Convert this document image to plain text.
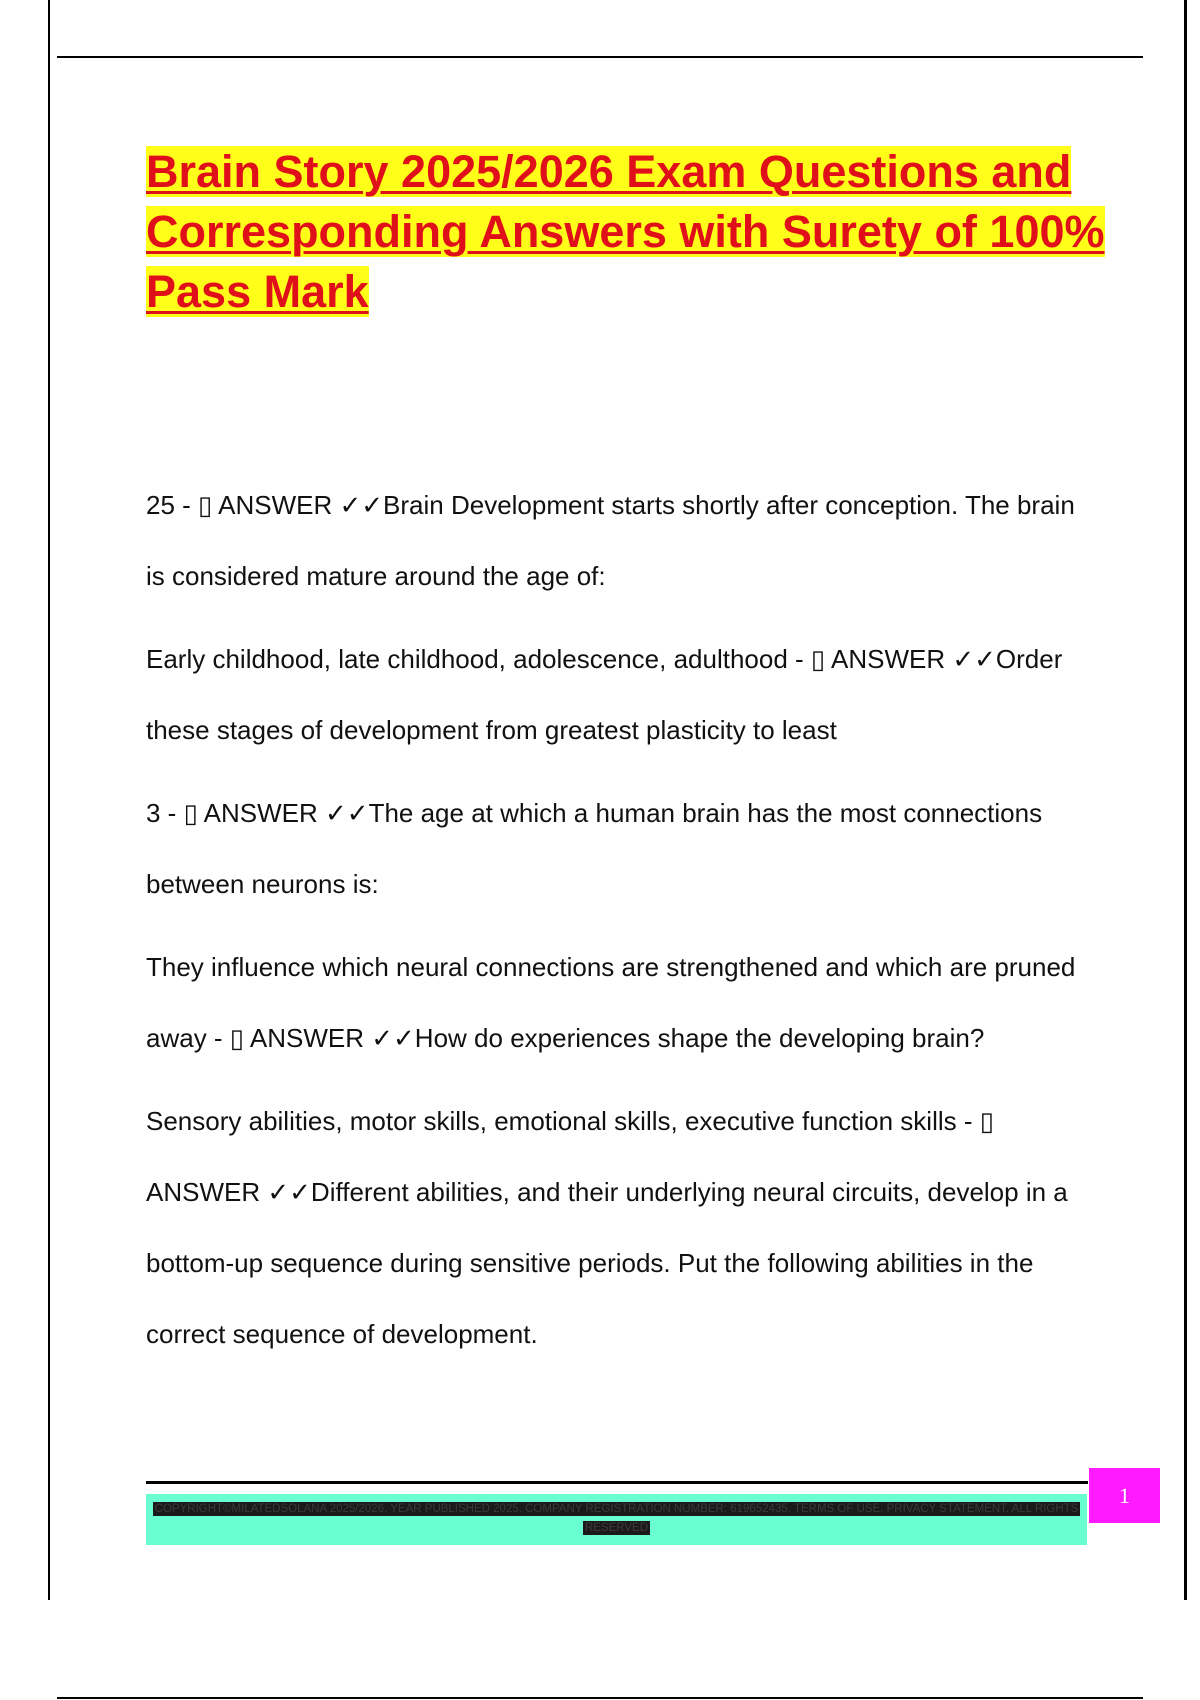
Brain Story 2025/2026 Exam Questions and Corresponding Answers with Surety of 100% Pass Mark

25 - ▯ ANSWER ✓✓Brain Development starts shortly after conception. The brain is considered mature around the age of:

Early childhood, late childhood, adolescence, adulthood - ▯ ANSWER ✓✓Order these stages of development from greatest plasticity to least

3 - ▯ ANSWER ✓✓The age at which a human brain has the most connections between neurons is:

They influence which neural connections are strengthened and which are pruned away - ▯ ANSWER ✓✓How do experiences shape the developing brain?

Sensory abilities, motor skills, emotional skills, executive function skills - ▯ ANSWER ✓✓Different abilities, and their underlying neural circuits, develop in a bottom-up sequence during sensitive periods. Put the following abilities in the correct sequence of development.

COPYRIGHT©MILATEDSOLANA 2025/2026. YEAR PUBLISHED 2025. COMPANY REGISTRATION NUMBER: 619652435. TERMS OF USE. PRIVACY STATEMENT. ALL RIGHTS RESERVED
1
